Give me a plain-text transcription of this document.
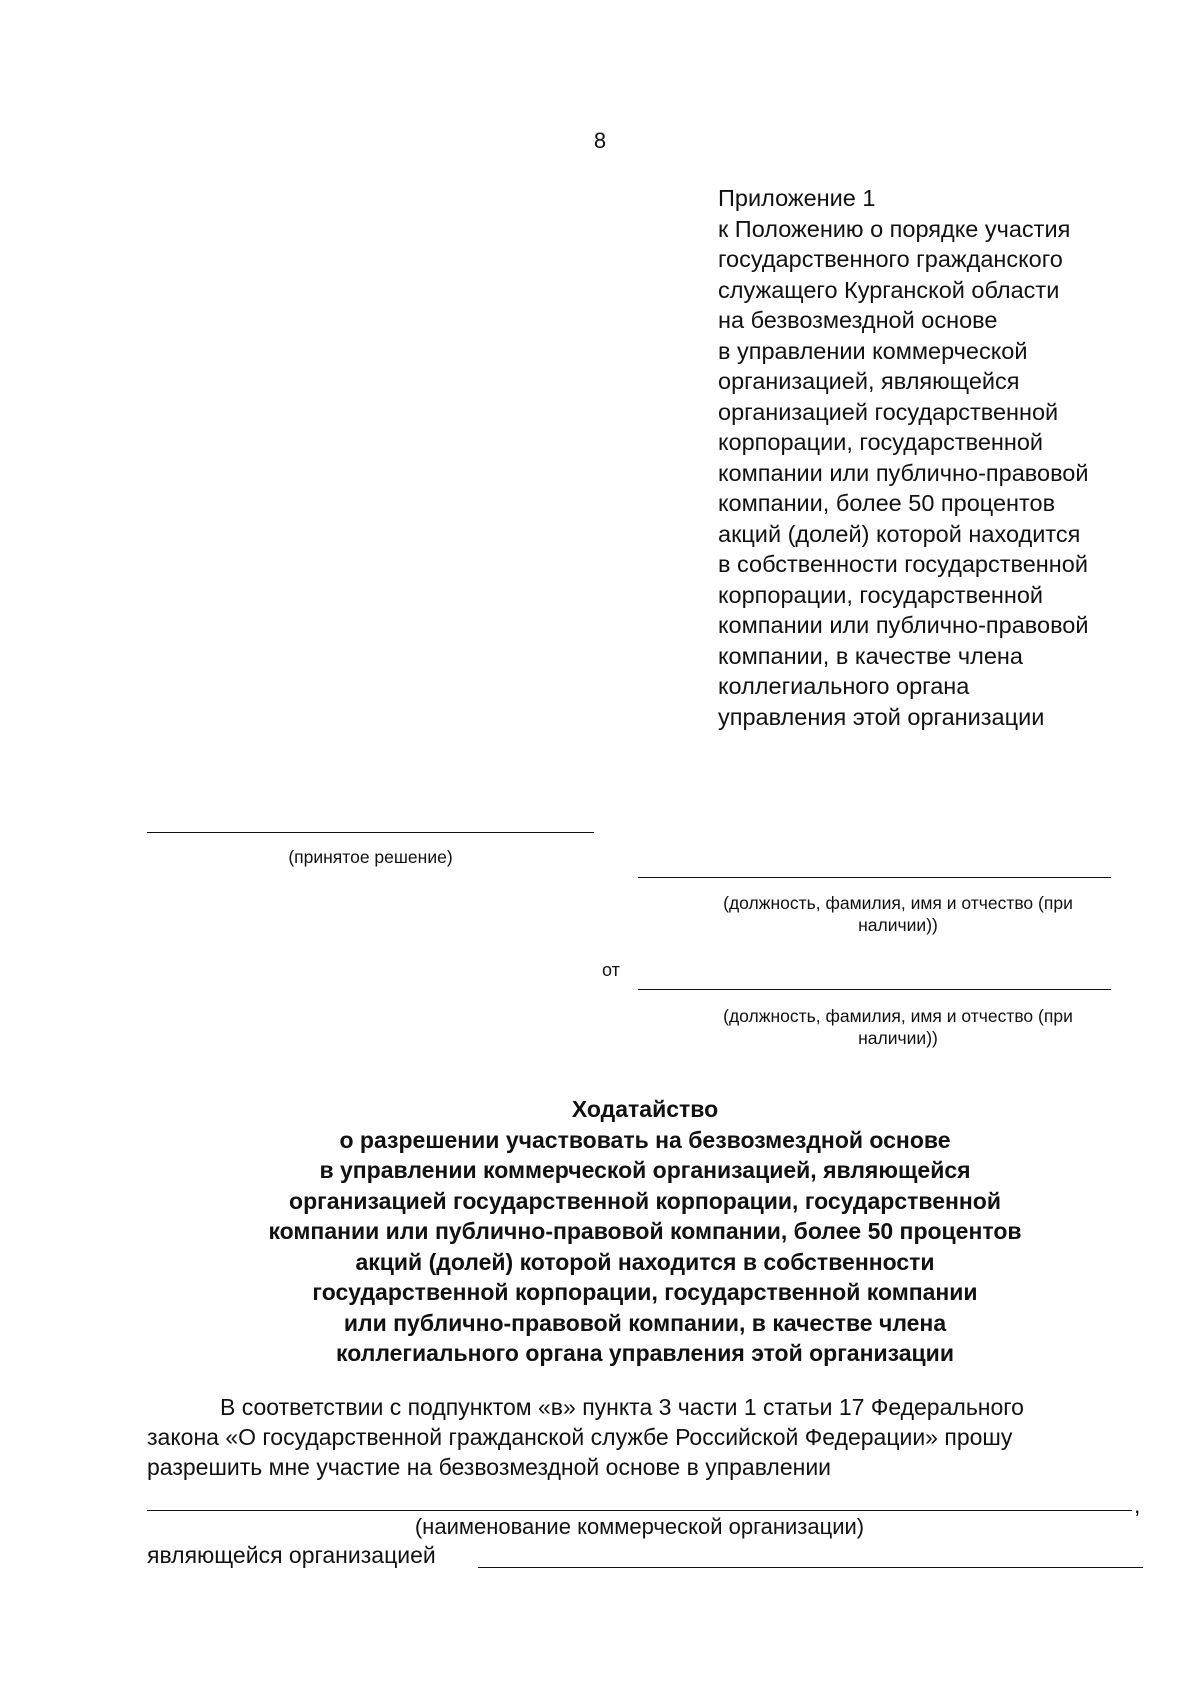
8
Приложение 1
к Положению о порядке участия
государственного гражданского
служащего Курганской области
на безвозмездной основе
в управлении коммерческой
организацией, являющейся
организацией государственной
корпорации, государственной
компании или публично-правовой
компании, более 50 процентов
акций (долей) которой находится
в собственности государственной
корпорации, государственной
компании или публично-правовой
компании, в качестве члена
коллегиального органа
управления этой организации
(принятое решение)
(должность, фамилия, имя и отчество (при
наличии))
от
(должность, фамилия, имя и отчество (при
наличии))
Ходатайство
о разрешении участвовать на безвозмездной основе
в управлении коммерческой организацией, являющейся
организацией государственной корпорации, государственной
компании или публично-правовой компании, более 50 процентов
акций (долей) которой находится в собственности
государственной корпорации, государственной компании
или публично-правовой компании, в качестве члена
коллегиального органа управления этой организации
В соответствии с подпунктом «в» пункта 3 части 1 статьи 17 Федерального
закона «О государственной гражданской службе Российской Федерации» прошу
разрешить мне участие на безвозмездной основе в управлении
,
(наименование коммерческой организации)
являющейся организацией
